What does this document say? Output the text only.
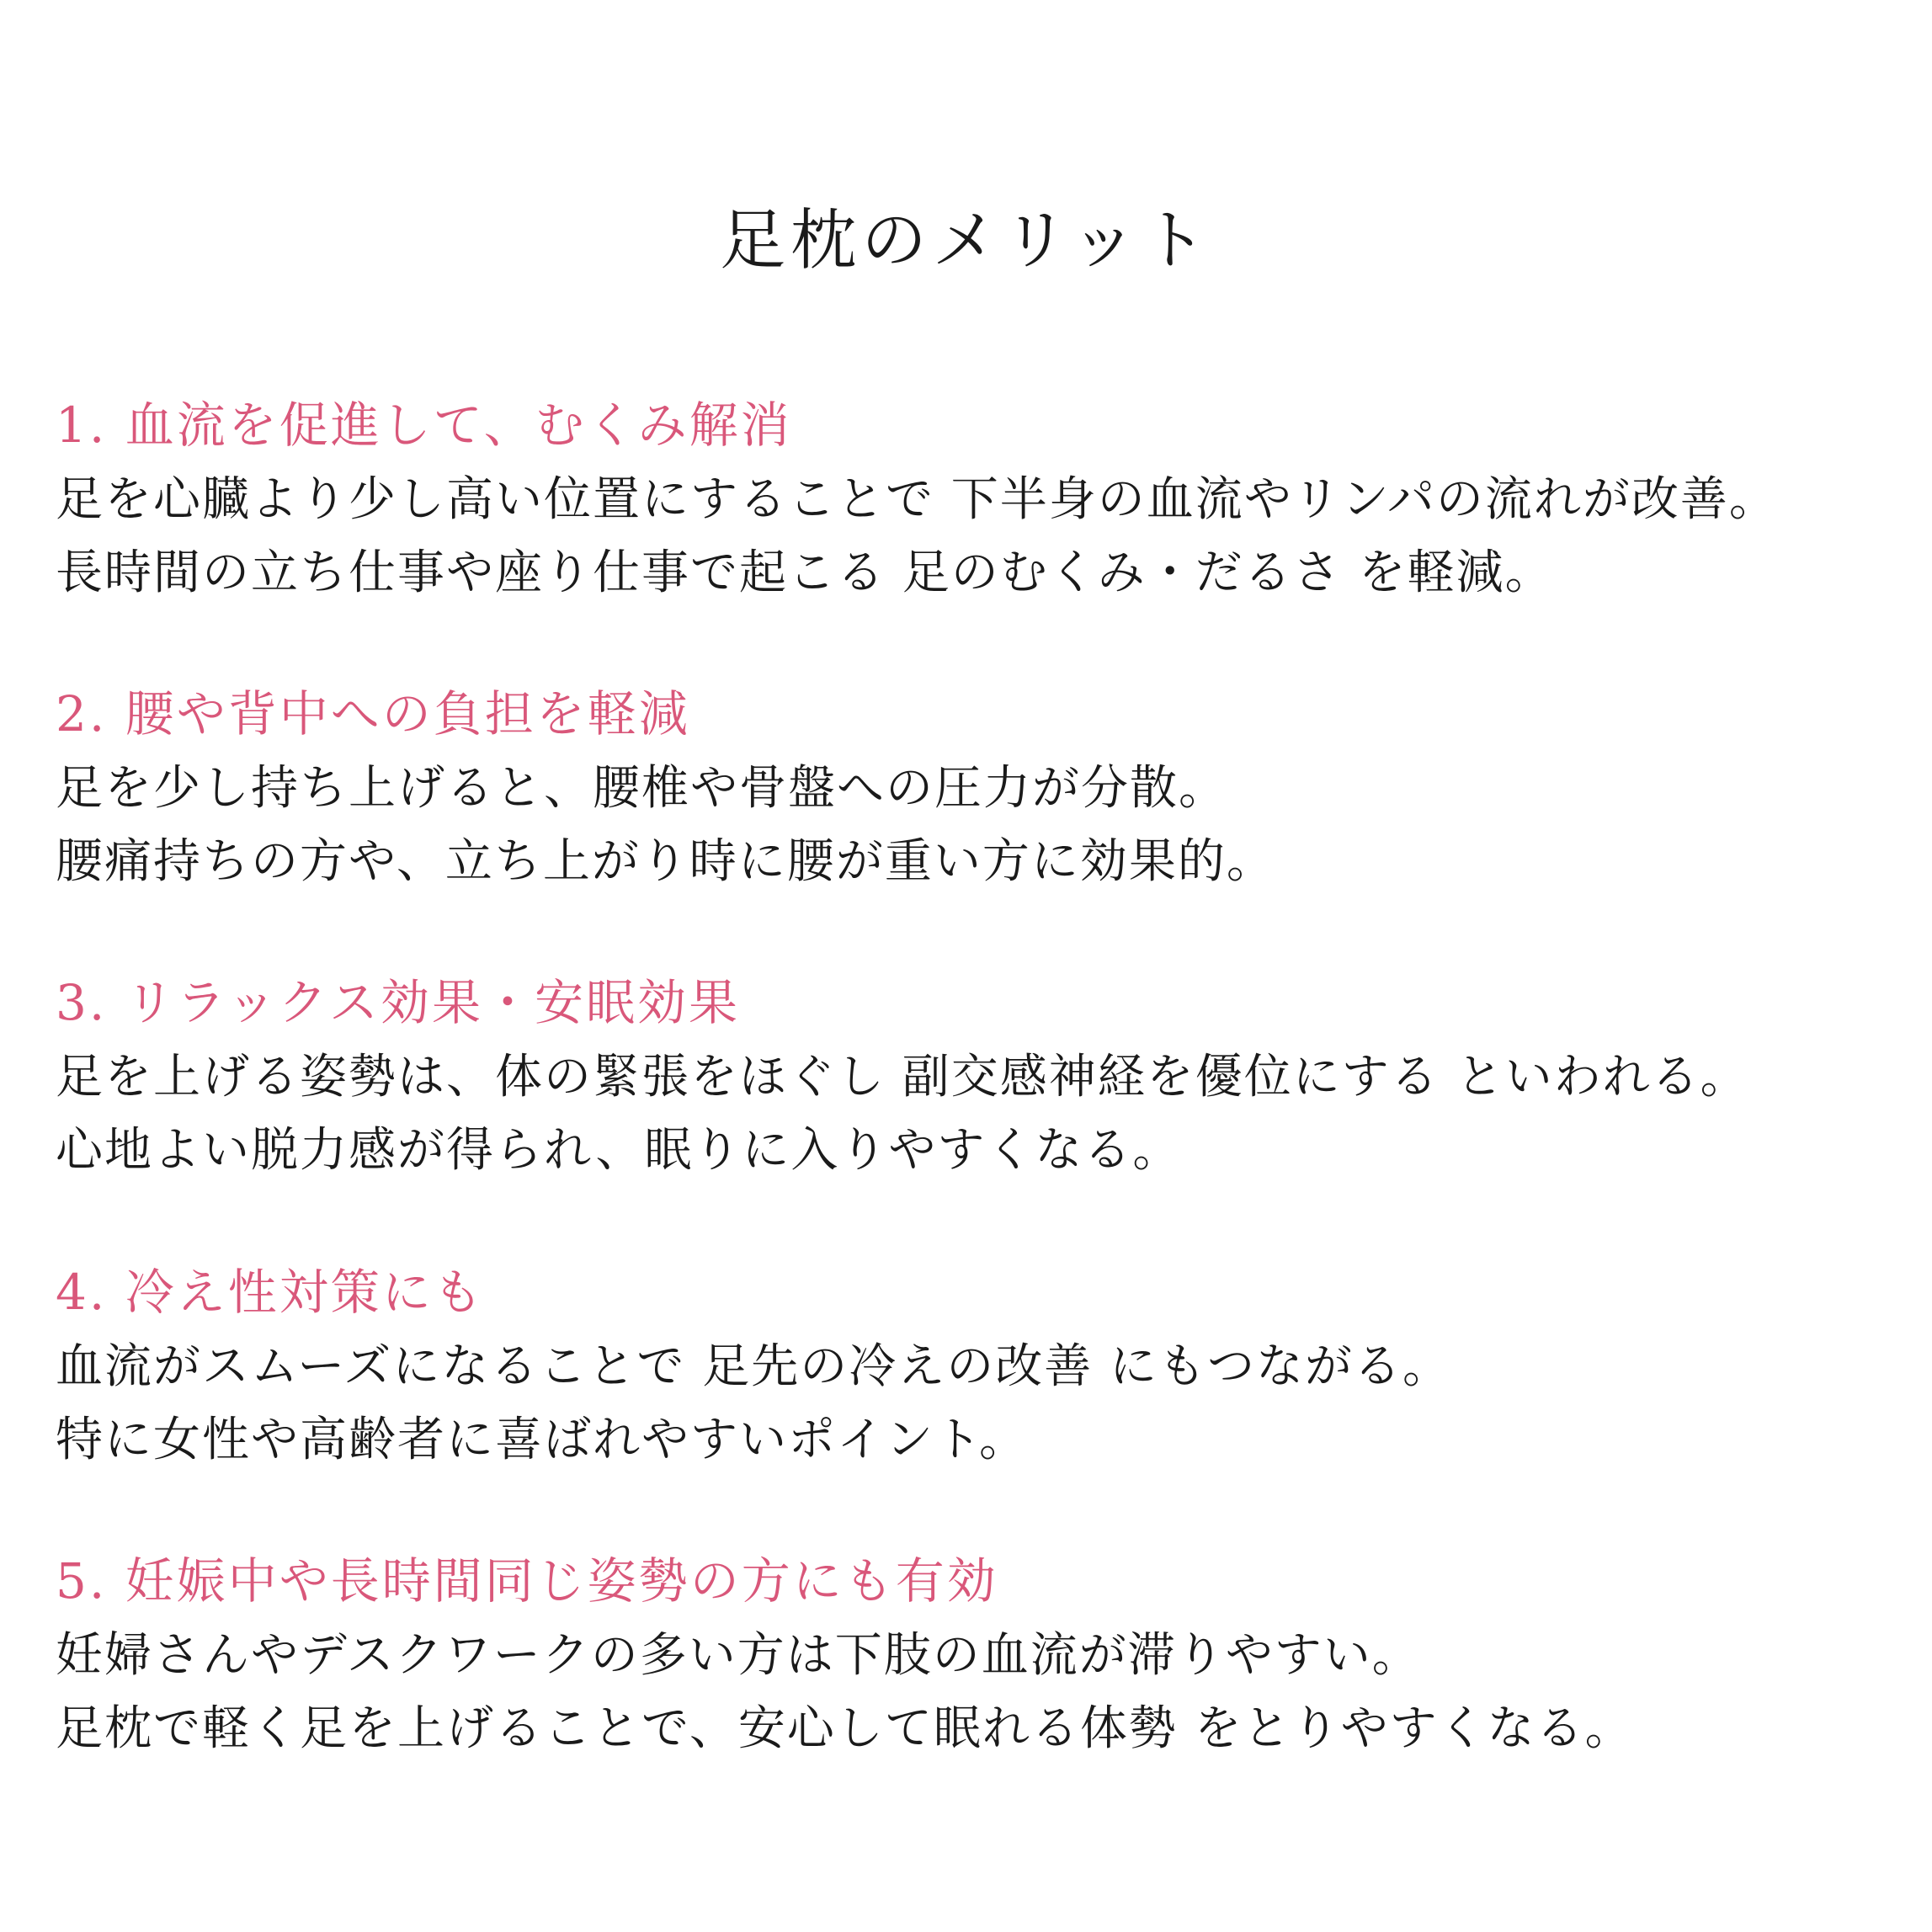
足枕のメリット
1. 血流を促進して、むくみ解消
足を心臓より少し高い位置にすることで 下半身の血流やリンパの流れが改善。
長時間の立ち仕事や座り仕事で起こる 足のむくみ・だるさ を軽減。
2. 腰や背中への負担を軽減
足を少し持ち上げると、腰椎や骨盤への圧力が分散。
腰痛持ちの方や、立ち上がり時に腰が重い方に効果的。
3. リラックス効果・安眠効果
足を上げる姿勢は、体の緊張をほぐし 副交感神経を優位にする といわれる。
心地よい脱力感が得られ、眠りに入りやすくなる。
4. 冷え性対策にも
血流がスムーズになることで 足先の冷えの改善 にもつながる。
特に女性や高齢者に喜ばれやすいポイント。
5. 妊娠中や長時間同じ姿勢の方にも有効
妊婦さんやデスクワークの多い方は下肢の血流が滞りやすい。
足枕で軽く足を上げることで、安心して眠れる体勢 をとりやすくなる。
